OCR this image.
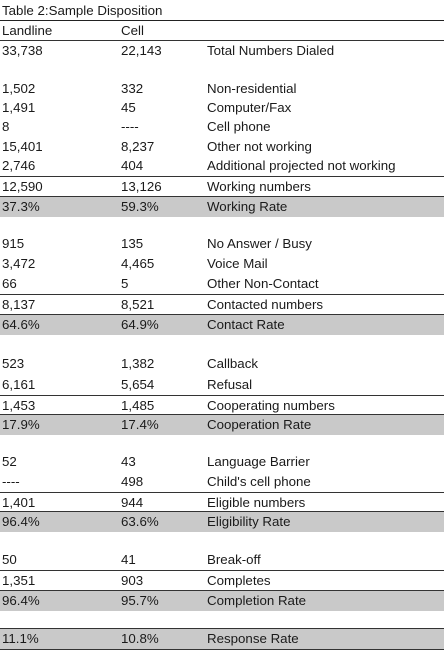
Table 2:Sample Disposition
Landline	Cell
33,738	22,143	Total Numbers Dialed
1,502	332	Non-residential
1,491	45	Computer/Fax
8	----	Cell phone
15,401	8,237	Other not working
2,746	404	Additional projected not working
12,590	13,126	Working numbers
37.3%	59.3%	Working Rate
915	135	No Answer / Busy
3,472	4,465	Voice Mail
66	5	Other Non-Contact
8,137	8,521	Contacted numbers
64.6%	64.9%	Contact Rate
523	1,382	Callback
6,161	5,654	Refusal
1,453	1,485	Cooperating numbers
17.9%	17.4%	Cooperation Rate
52	43	Language Barrier
----	498	Child's cell phone
1,401	944	Eligible numbers
96.4%	63.6%	Eligibility Rate
50	41	Break-off
1,351	903	Completes
96.4%	95.7%	Completion Rate
11.1%	10.8%	Response Rate
